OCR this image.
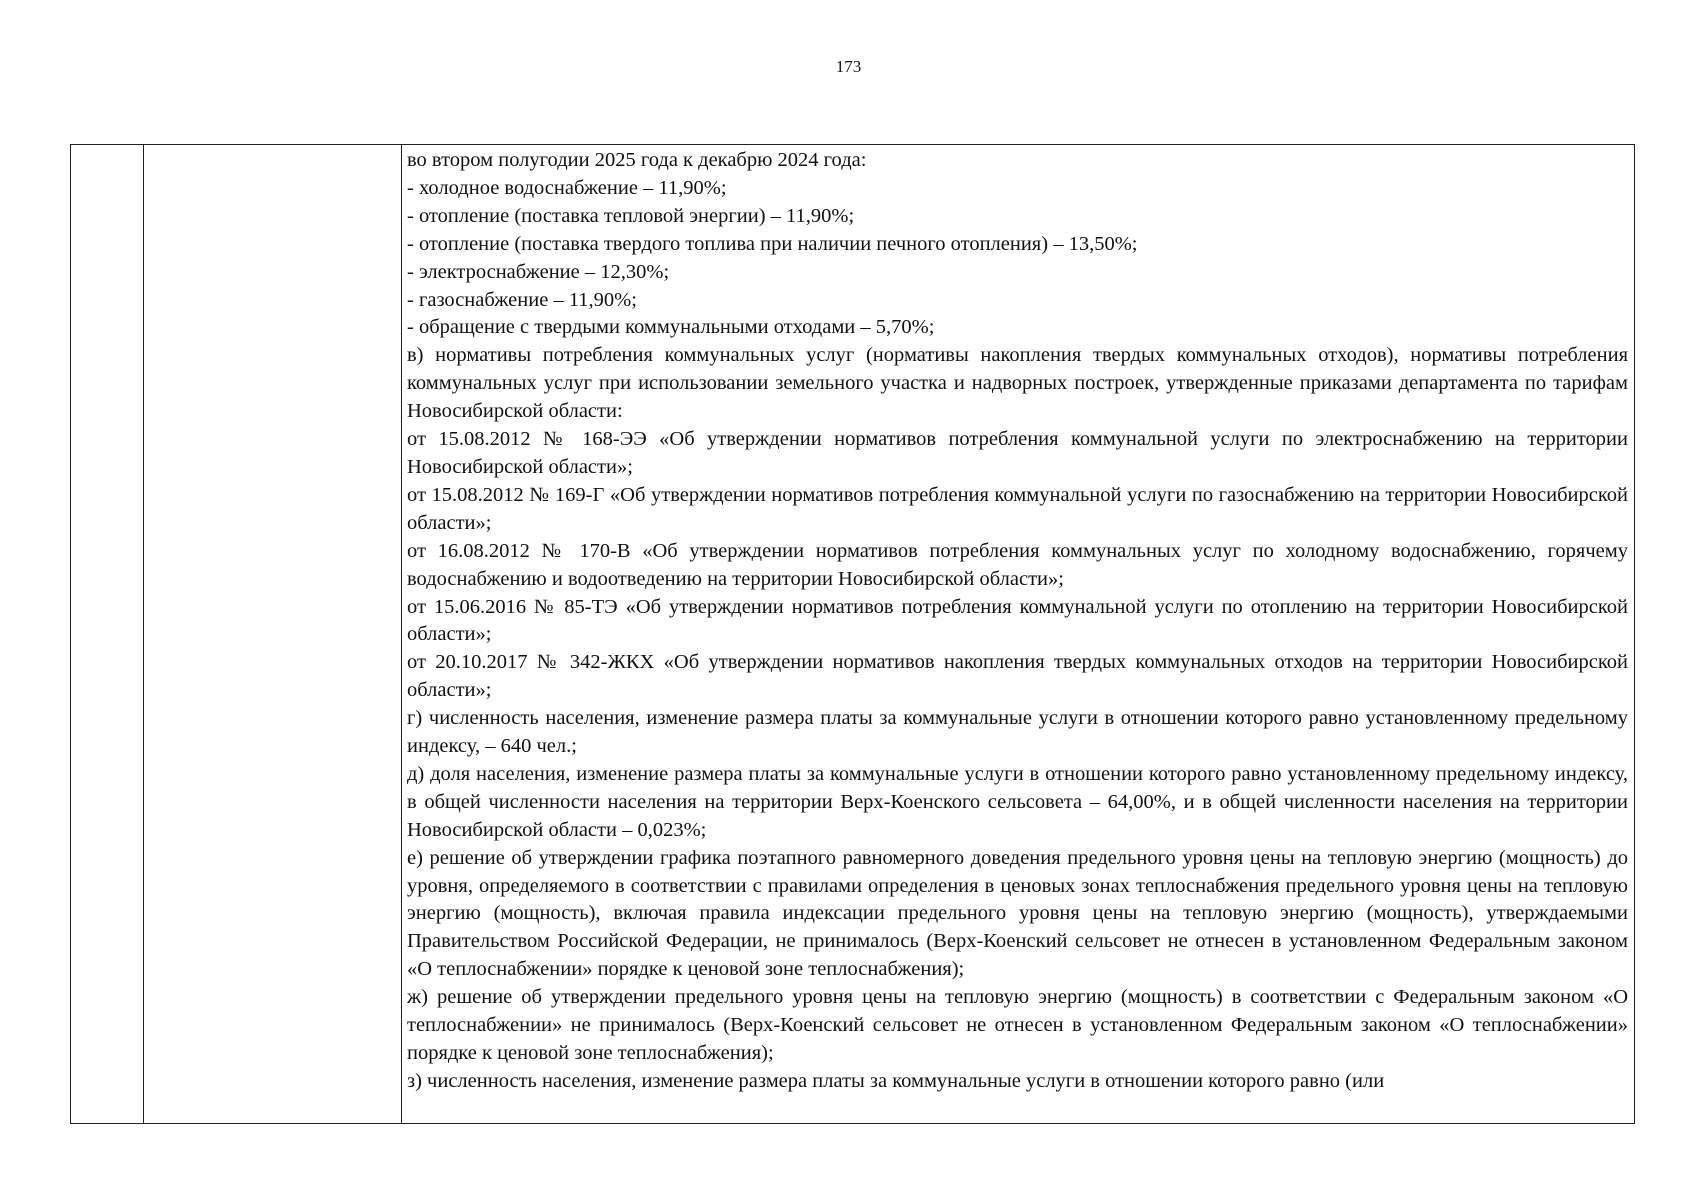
173

во втором полугодии 2025 года к декабрю 2024 года:

- холодное водоснабжение – 11,90%;

- отопление (поставка тепловой энергии) – 11,90%;

- отопление (поставка твердого топлива при наличии печного отопления) – 13,50%;

- электроснабжение – 12,30%;

- газоснабжение – 11,90%;

- обращение с твердыми коммунальными отходами – 5,70%;

в) нормативы потребления коммунальных услуг (нормативы накопления твердых коммунальных отходов), нормативы потребления коммунальных услуг при использовании земельного участка и надворных построек, утвержденные приказами департамента по тарифам Новосибирской области:

от 15.08.2012 № 168-ЭЭ «Об утверждении нормативов потребления коммунальной услуги по электроснабжению на территории Новосибирской области»;

от 15.08.2012 № 169-Г «Об утверждении нормативов потребления коммунальной услуги по газоснабжению на территории Новосибирской области»;

от 16.08.2012 № 170-В «Об утверждении нормативов потребления коммунальных услуг по холодному водоснабжению, горячему водоснабжению и водоотведению на территории Новосибирской области»;

от 15.06.2016 № 85-ТЭ «Об утверждении нормативов потребления коммунальной услуги по отоплению на территории Новосибирской области»;

от 20.10.2017 № 342-ЖКХ «Об утверждении нормативов накопления твердых коммунальных отходов на территории Новосибирской области»;

г) численность населения, изменение размера платы за коммунальные услуги в отношении которого равно установленному предельному индексу, – 640 чел.;

д) доля населения, изменение размера платы за коммунальные услуги в отношении которого равно установленному предельному индексу, в общей численности населения на территории Верх-Коенского сельсовета – 64,00%, и в общей численности населения на территории Новосибирской области – 0,023%;

е) решение об утверждении графика поэтапного равномерного доведения предельного уровня цены на тепловую энергию (мощность) до уровня, определяемого в соответствии с правилами определения в ценовых зонах теплоснабжения предельного уровня цены на тепловую энергию (мощность), включая правила индексации предельного уровня цены на тепловую энергию (мощность), утверждаемыми Правительством Российской Федерации, не принималось (Верх-Коенский сельсовет не отнесен в установленном Федеральным законом «О теплоснабжении» порядке к ценовой зоне теплоснабжения);

ж) решение об утверждении предельного уровня цены на тепловую энергию (мощность) в соответствии с Федеральным законом «О теплоснабжении» не принималось (Верх-Коенский сельсовет не отнесен в установленном Федеральным законом «О теплоснабжении» порядке к ценовой зоне теплоснабжения);

з) численность населения, изменение размера платы за коммунальные услуги в отношении которого равно (или
